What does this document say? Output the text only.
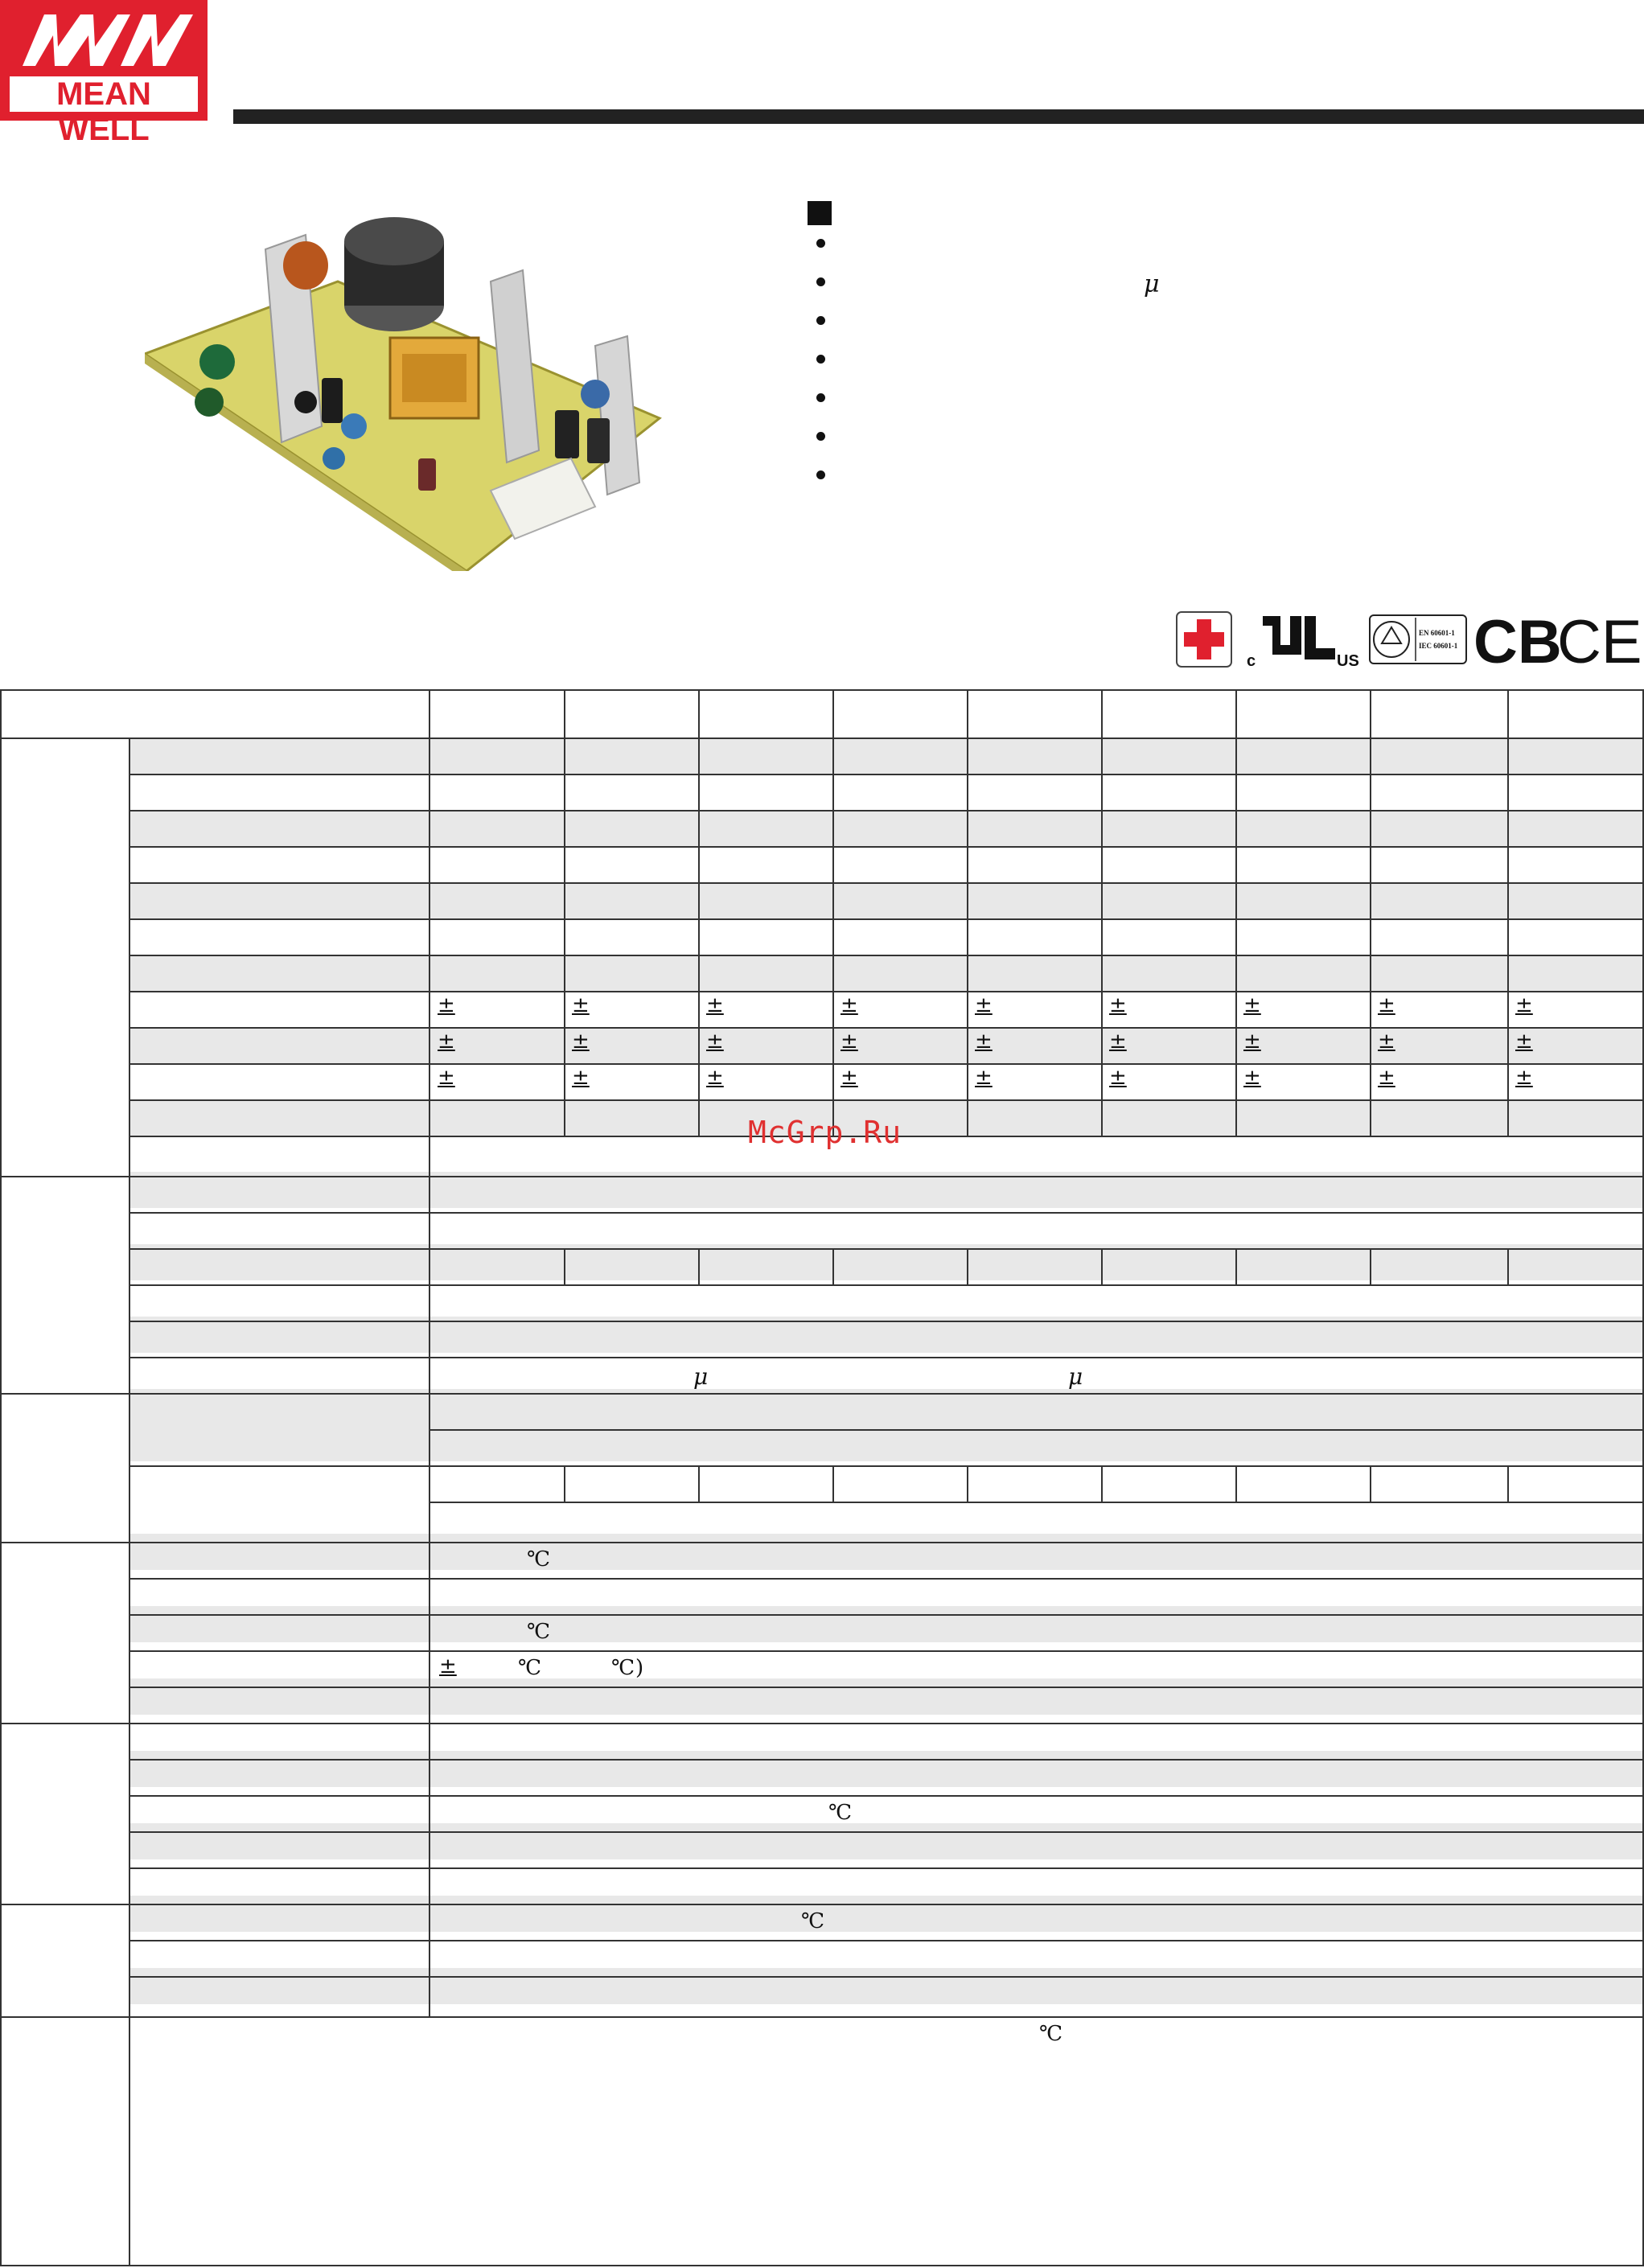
MEAN WELL
μ
c	US
EN 60601-1
IEC 60601-1 CB
CE
±	±	±	±	±	±	±	±	±
±	±	±	±	±	±	±	±	±
±	±	±	±	±	±	±	±	±
μ	μ
℃
℃
±	℃	℃ )
℃
℃
℃
McGrp.Ru
